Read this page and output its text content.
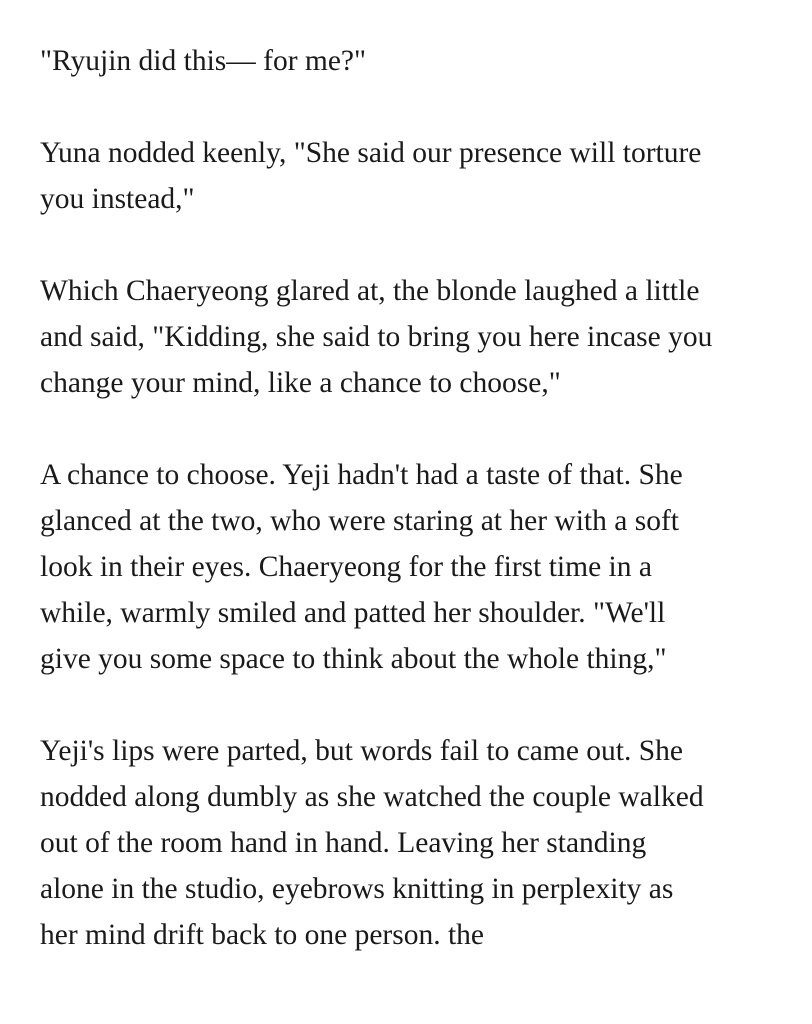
"Ryujin did this— for me?"

Yuna nodded keenly, "She said our presence will torture
you instead,"

Which Chaeryeong glared at, the blonde laughed a little
and said, "Kidding, she said to bring you here incase you
change your mind, like a chance to choose,"

A chance to choose. Yeji hadn't had a taste of that. She
glanced at the two, who were staring at her with a soft
look in their eyes. Chaeryeong for the first time in a
while, warmly smiled and patted her shoulder. "We'll
give you some space to think about the whole thing,"

Yeji's lips were parted, but words fail to came out. She
nodded along dumbly as she watched the couple walked
out of the room hand in hand. Leaving her standing
alone in the studio, eyebrows knitting in perplexity as
her mind drift back to one person. the
